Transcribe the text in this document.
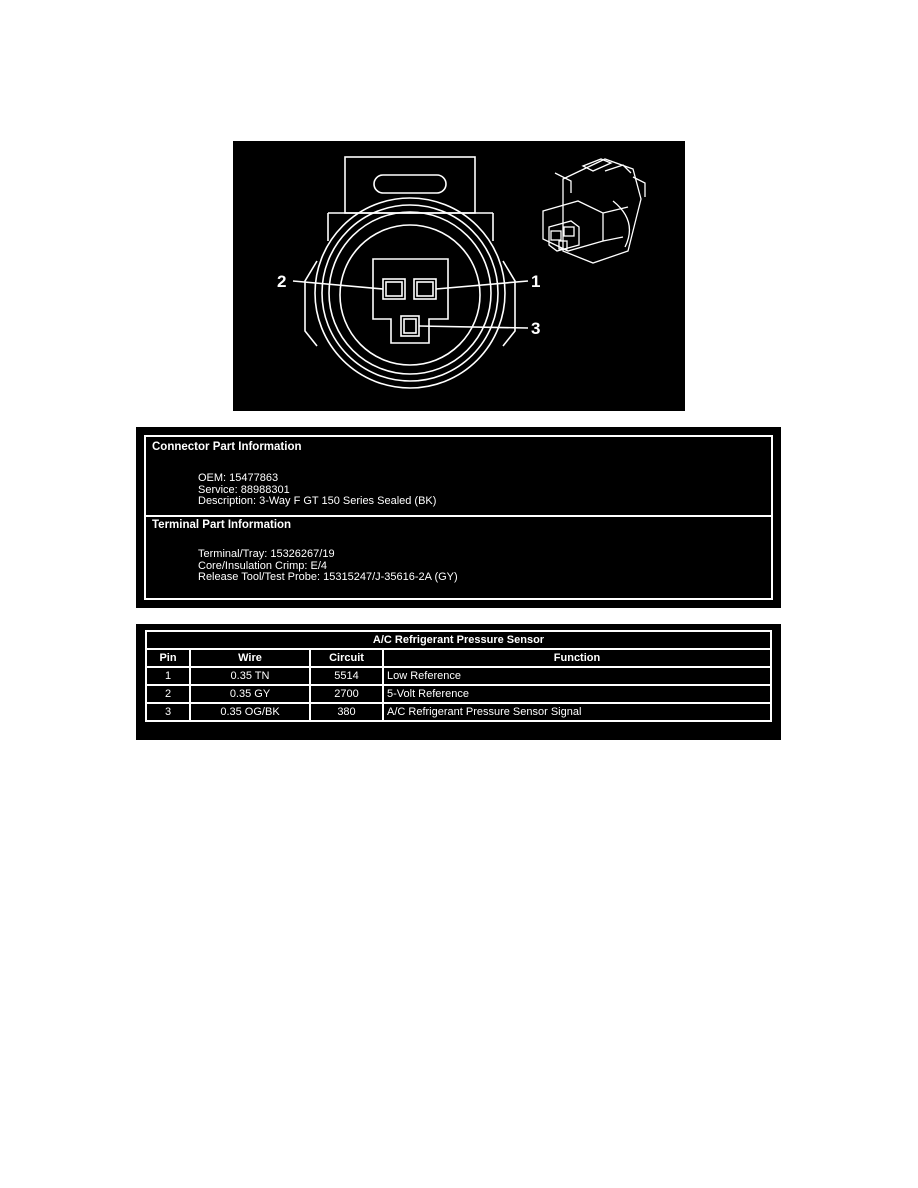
2	1
3
Connector Part Information
OEM: 15477863
Service: 88988301
Description: 3-Way F GT 150 Series Sealed (BK)
Terminal Part Information
Terminal/Tray: 15326267/19
Core/Insulation Crimp: E/4
Release Tool/Test Probe: 15315247/J-35616-2A (GY)
A/C Refrigerant Pressure Sensor			
Pin	Wire	Circuit	Function
1	0.35 TN	5514	Low Reference
2	0.35 GY	2700	5-Volt Reference
3	0.35 OG/BK	380	A/C Refrigerant Pressure Sensor Signal
